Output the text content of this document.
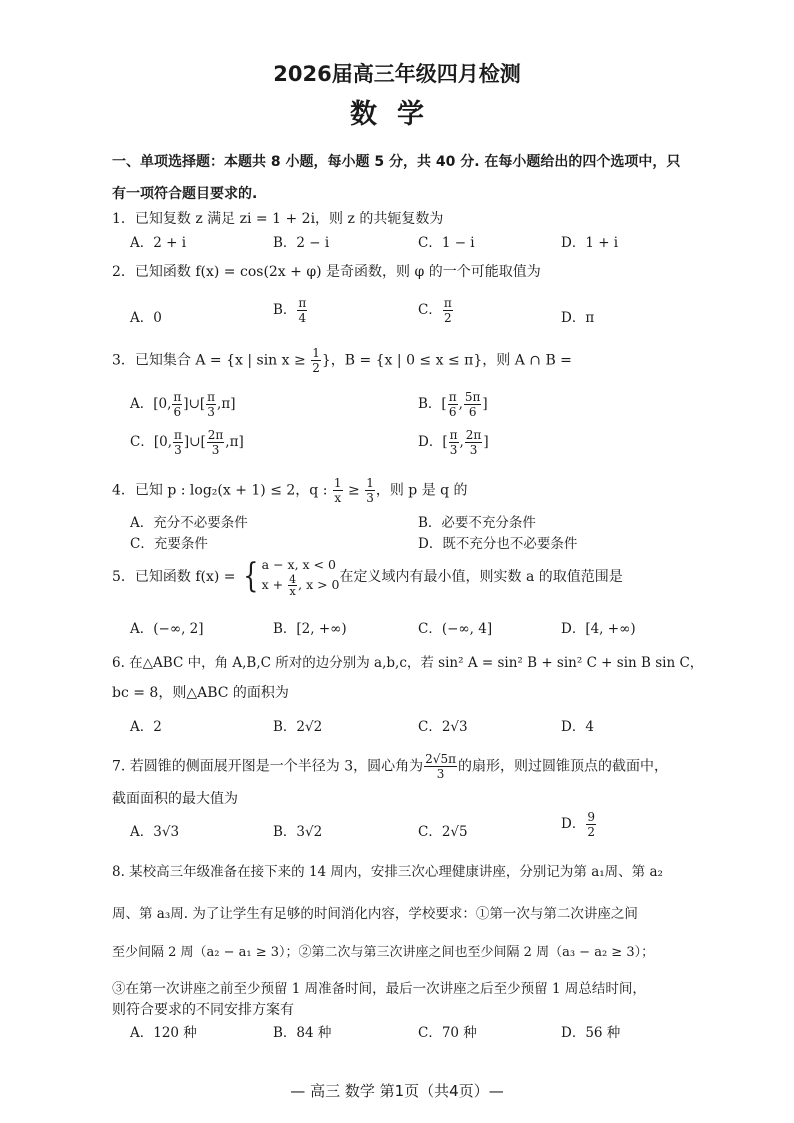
2026届高三年级四月检测
数学
一、单项选择题：本题共 8 小题，每小题 5 分，共 40 分. 在每小题给出的四个选项中，只
有一项符合题目要求的.
1．已知复数 z 满足 zi = 1 + 2i，则 z 的共轭复数为
A．2 + i	B．2 − i	C．1 − i	D．1 + i
2．已知函数 f(x) = cos(2x + φ) 是奇函数，则 φ 的一个可能取值为
A．0	B． $\frac{\pi}{4}$	C． $\frac{\pi}{2}$	D．π
3．已知集合 A = {x | $\sin x \ge \frac{1}{2}$ }，B = {x | 0 ≤ x ≤ π}，则 A ∩ B =
A．[0, $\frac{\pi}{6}$ ]∪[ $\frac{\pi}{3} ,\pi$]	B．[ $\frac{\pi}{6}$ , $\frac{5\pi}{6}$ ]
C．[0, $\frac{\pi}{3}$ ]∪[ $\frac{2\pi}{3} ,\pi$]	D．[ $\frac{\pi}{3}$ , $\frac{2\pi}{3}$ ]
4．已知 p : log₂(x + 1) ≤ 2，q : $\frac{1}{x} \ge \frac{1}{3}$ ，则 p 是 q 的
A．充分不必要条件	B．必要不充分条件
C．充要条件	D．既不充分也不必要条件
5．已知函数 f(x) = { a − x, x < 0
$x + \frac{4}{x}$ , x > 0 在定义域内有最小值，则实数 a 的取值范围是
A．(−∞, 2]	B．[2, +∞)	C．(−∞, 4]	D．[4, +∞)
6. 在△ABC 中，角 A,B,C 所对的边分别为 a,b,c，若 sin² A = sin² B + sin² C + sin B sin C，
bc = 8，则△ABC 的面积为
A．2	B．2√2	C．2√3	D．4
7. 若圆锥的侧面展开图是一个半径为 3，圆心角为 $\frac{2√5\pi}{3}$ 的扇形，则过圆锥顶点的截面中，
截面面积的最大值为
A．3√3	B．3√2	C．2√5	D． $\frac{9}{2}$
8. 某校高三年级准备在接下来的 14 周内，安排三次心理健康讲座，分别记为第 a₁周、第 a₂
周、第 a₃周. 为了让学生有足够的时间消化内容，学校要求：①第一次与第二次讲座之间
至少间隔 2 周（a₂ − a₁ ≥ 3）；②第二次与第三次讲座之间也至少间隔 2 周（a₃ − a₂ ≥ 3）；
③在第一次讲座之前至少预留 1 周准备时间，最后一次讲座之后至少预留 1 周总结时间，
则符合要求的不同安排方案有
A．120 种	B．84 种	C．70 种	D．56 种
— 高三 数学 第1页（共4页）—
